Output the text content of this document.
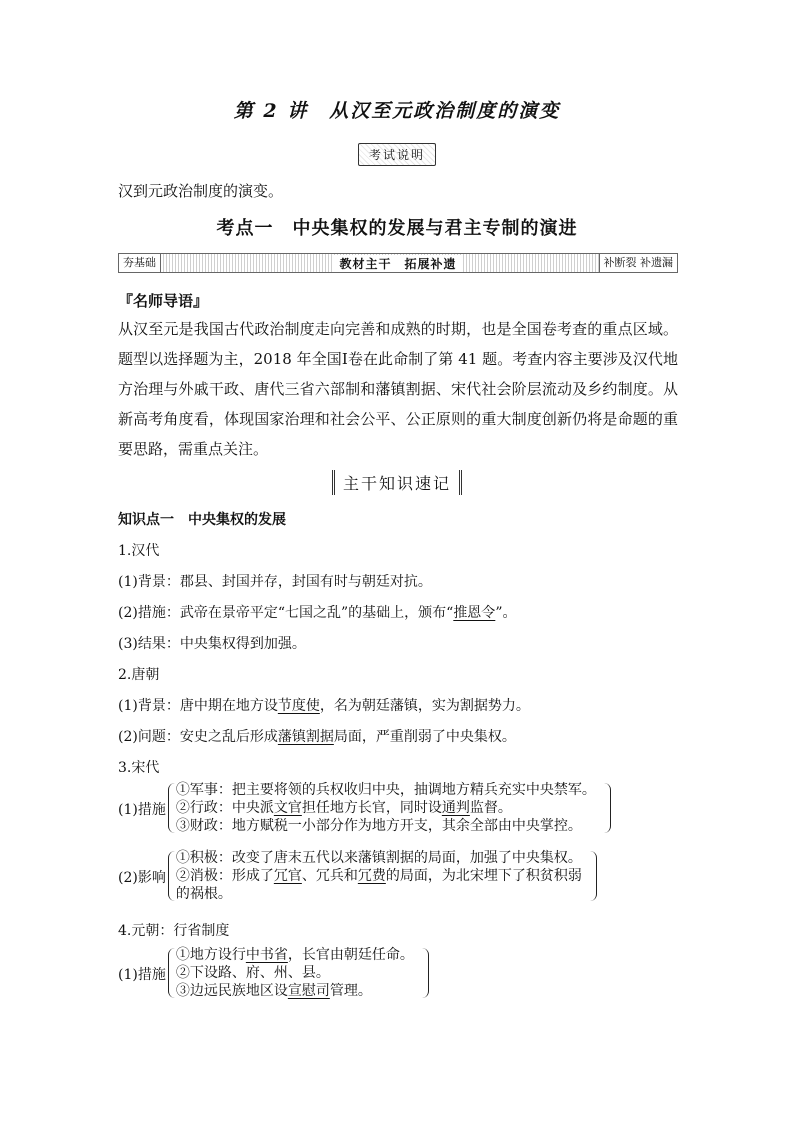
第 2 讲　从汉至元政治制度的演变
考试说明
汉到元政治制度的演变。
考点一　中央集权的发展与君主专制的演进
夯基础	教材主干　拓展补遗	补断裂 补遗漏
『名师导语』
从汉至元是我国古代政治制度走向完善和成熟的时期，也是全国卷考查的重点区域。题型以选择题为主，2018 年全国Ⅰ卷在此命制了第 41 题。考查内容主要涉及汉代地方治理与外戚干政、唐代三省六部制和藩镇割据、宋代社会阶层流动及乡约制度。从新高考角度看，体现国家治理和社会公平、公正原则的重大制度创新仍将是命题的重要思路，需重点关注。
主干知识速记
知识点一　中央集权的发展
1.汉代
(1)背景：郡县、封国并存，封国有时与朝廷对抗。
(2)措施：武帝在景帝平定“七国之乱”的基础上，颁布“推恩令”。
(3)结果：中央集权得到加强。
2.唐朝
(1)背景：唐中期在地方设节度使，名为朝廷藩镇，实为割据势力。
(2)问题：安史之乱后形成藩镇割据局面，严重削弱了中央集权。
3.宋代
(1)措施
①军事：把主要将领的兵权收归中央，抽调地方精兵充实中央禁军。
②行政：中央派文官担任地方长官，同时设通判监督。
③财政：地方赋税一小部分作为地方开支，其余全部由中央掌控。
(2)影响
①积极：改变了唐末五代以来藩镇割据的局面，加强了中央集权。
②消极：形成了冗官、冗兵和冗费的局面，为北宋埋下了积贫积弱
的祸根。
4.元朝：行省制度
(1)措施
①地方设行中书省，长官由朝廷任命。
②下设路、府、州、县。
③边远民族地区设宣慰司管理。
